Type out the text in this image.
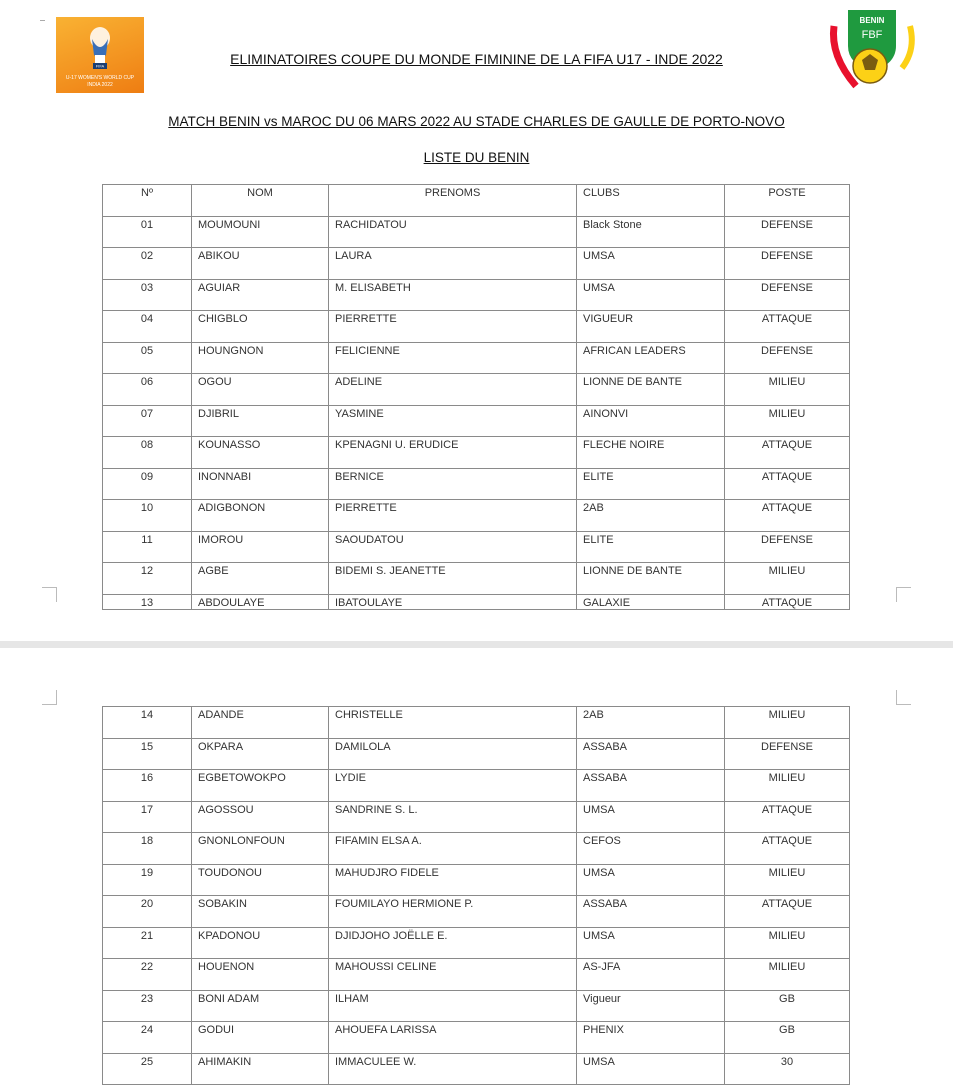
FIFA
U-17 WOMEN'S WORLD CUP
INDIA 2022
BENIN
FBF
ELIMINATOIRES COUPE DU MONDE FIMININE DE LA FIFA U17 - INDE 2022
MATCH BENIN vs MAROC DU 06 MARS 2022 AU STADE CHARLES DE GAULLE DE PORTO-NOVO
LISTE DU BENIN
Nº	NOM	PRENOMS	CLUBS	POSTE
01	MOUMOUNI	RACHIDATOU	Black Stone	DEFENSE
02	ABIKOU	LAURA	UMSA	DEFENSE
03	AGUIAR	M. ELISABETH	UMSA	DEFENSE
04	CHIGBLO	PIERRETTE	VIGUEUR	ATTAQUE
05	HOUNGNON	FELICIENNE	AFRICAN LEADERS	DEFENSE
06	OGOU	ADELINE	LIONNE DE BANTE	MILIEU
07	DJIBRIL	YASMINE	AINONVI	MILIEU
08	KOUNASSO	KPENAGNI U. ERUDICE	FLECHE NOIRE	ATTAQUE
09	INONNABI	BERNICE	ELITE	ATTAQUE
10	ADIGBONON	PIERRETTE	2AB	ATTAQUE
11	IMOROU	SAOUDATOU	ELITE	DEFENSE
12	AGBE	BIDEMI S. JEANETTE	LIONNE DE BANTE	MILIEU
13	ABDOULAYE	IBATOULAYE	GALAXIE	ATTAQUE
14	ADANDE	CHRISTELLE	2AB	MILIEU
15	OKPARA	DAMILOLA	ASSABA	DEFENSE
16	EGBETOWOKPO	LYDIE	ASSABA	MILIEU
17	AGOSSOU	SANDRINE S. L.	UMSA	ATTAQUE
18	GNONLONFOUN	FIFAMIN ELSA A.	CEFOS	ATTAQUE
19	TOUDONOU	MAHUDJRO FIDELE	UMSA	MILIEU
20	SOBAKIN	FOUMILAYO HERMIONE P.	ASSABA	ATTAQUE
21	KPADONOU	DJIDJOHO JOËLLE E.	UMSA	MILIEU
22	HOUENON	MAHOUSSI CELINE	AS-JFA	MILIEU
23	BONI ADAM	ILHAM	Vigueur	GB
24	GODUI	AHOUEFA LARISSA	PHENIX	GB
25	AHIMAKIN	IMMACULEE W.	UMSA	30
